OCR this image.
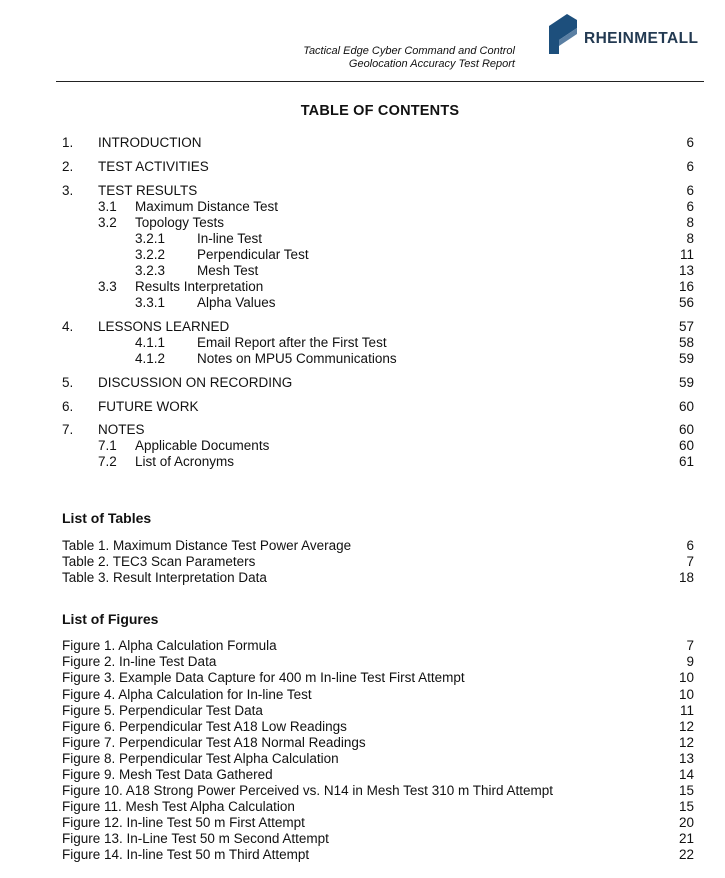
Tactical Edge Cyber Command and Control
Geolocation Accuracy Test Report
RHEINMETALL
TABLE OF CONTENTS
1. INTRODUCTION	6
2. TEST ACTIVITIES	6
3. TEST RESULTS	6
3.1 Maximum Distance Test	6
3.2 Topology Tests	8
3.2.1 In-line Test	8
3.2.2 Perpendicular Test	11
3.2.3 Mesh Test	13
3.3 Results Interpretation	16
3.3.1 Alpha Values	56
4. LESSONS LEARNED	57
4.1.1 Email Report after the First Test	58
4.1.2 Notes on MPU5 Communications	59
5. DISCUSSION ON RECORDING	59
6. FUTURE WORK	60
7. NOTES	60
7.1 Applicable Documents	60
7.2 List of Acronyms	61
List of Tables
Table 1. Maximum Distance Test Power Average	6
Table 2. TEC3 Scan Parameters	7
Table 3. Result Interpretation Data	18
List of Figures
Figure 1. Alpha Calculation Formula	7
Figure 2. In-line Test Data	9
Figure 3. Example Data Capture for 400 m In-line Test First Attempt	10
Figure 4. Alpha Calculation for In-line Test	10
Figure 5. Perpendicular Test Data	11
Figure 6. Perpendicular Test A18 Low Readings	12
Figure 7. Perpendicular Test A18 Normal Readings	12
Figure 8. Perpendicular Test Alpha Calculation	13
Figure 9. Mesh Test Data Gathered	14
Figure 10. A18 Strong Power Perceived vs. N14 in Mesh Test 310 m Third Attempt	15
Figure 11. Mesh Test Alpha Calculation	15
Figure 12. In-line Test 50 m First Attempt	20
Figure 13. In-Line Test 50 m Second Attempt	21
Figure 14. In-line Test 50 m Third Attempt	22
